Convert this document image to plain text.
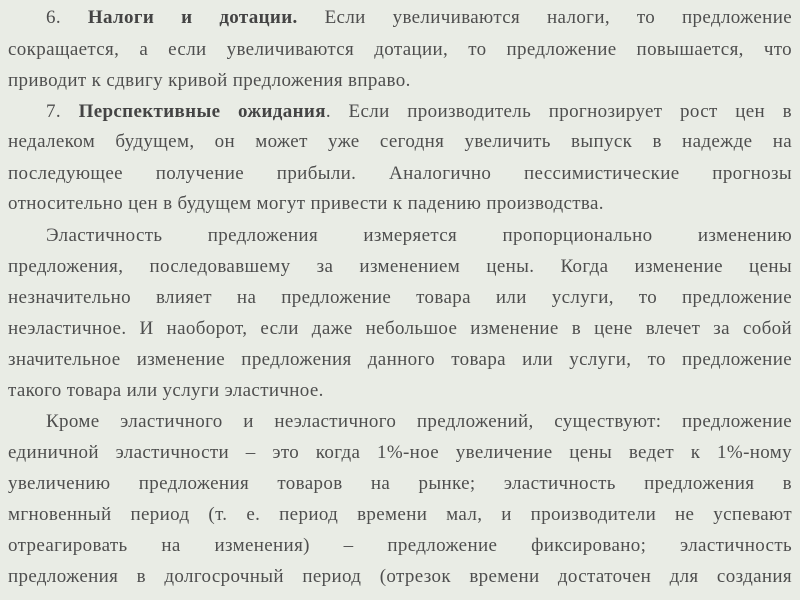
6. Налоги и дотации. Если увеличиваются налоги, то предложение
сокращается, а если увеличиваются дотации, то предложение повышается, что
приводит к сдвигу кривой предложения вправо.
7. Перспективные ожидания. Если производитель прогнозирует рост цен в
недалеком будущем, он может уже сегодня увеличить выпуск в надежде на
последующее получение прибыли. Аналогично пессимистические прогнозы
относительно цен в будущем могут привести к падению производства.
Эластичность предложения измеряется пропорционально изменению
предложения, последовавшему за изменением цены. Когда изменение цены
незначительно влияет на предложение товара или услуги, то предложение
неэластичное. И наоборот, если даже небольшое изменение в цене влечет за собой
значительное изменение предложения данного товара или услуги, то предложение
такого товара или услуги эластичное.
Кроме эластичного и неэластичного предложений, существуют: предложение
единичной эластичности – это когда 1%-ное увеличение цены ведет к 1%-ному
увеличению предложения товаров на рынке; эластичность предложения в
мгновенный период (т. е. период времени мал, и производители не успевают
отреагировать на изменения) – предложение фиксировано; эластичность
предложения в долгосрочный период (отрезок времени достаточен для создания
